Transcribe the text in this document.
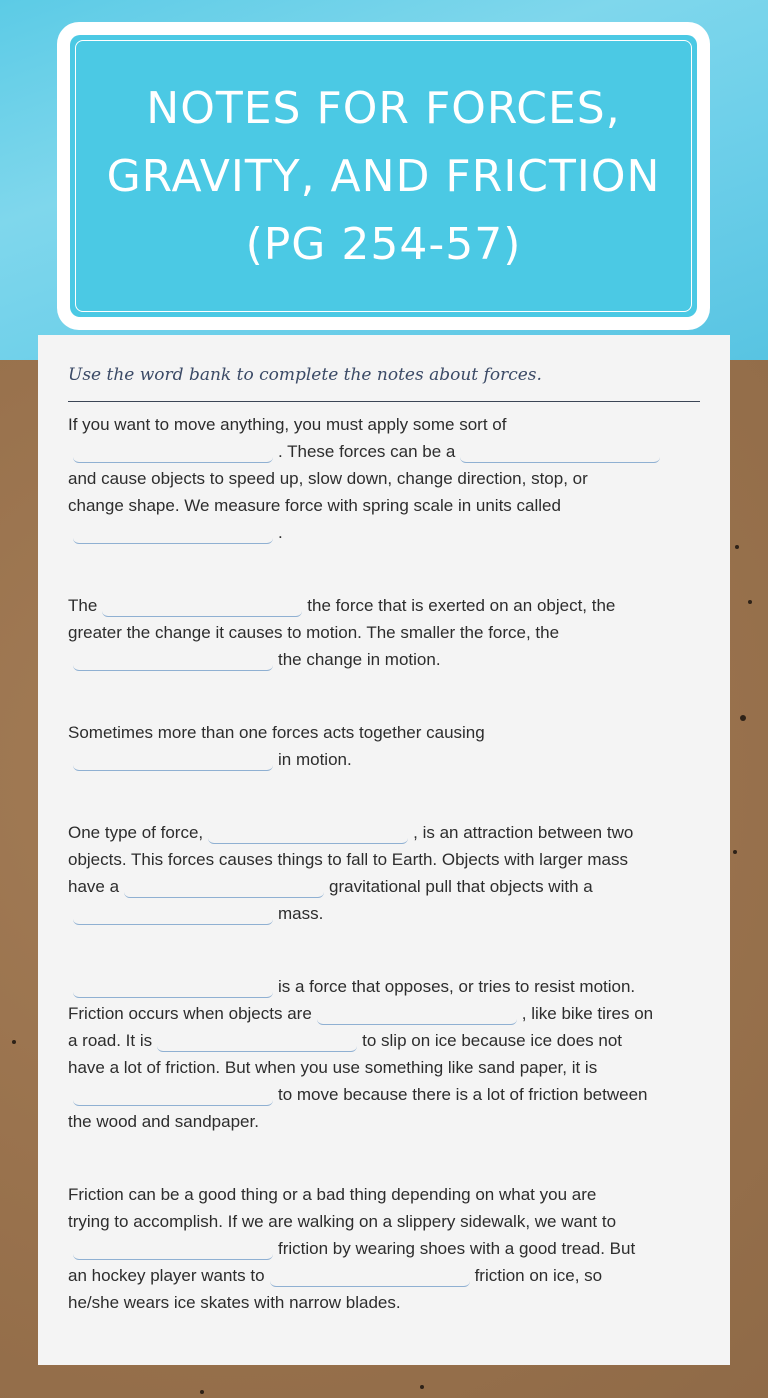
NOTES FOR FORCES,
GRAVITY, AND FRICTION
(PG 254-57)
Use the word bank to complete the notes about forces.
If you want to move anything, you must apply some sort of
. These forces can be a
and cause objects to speed up, slow down, change direction, stop, or
change shape. We measure force with spring scale in units called
.
The	the force that is exerted on an object, the
greater the change it causes to motion. The smaller the force, the
the change in motion.
Sometimes more than one forces acts together causing
in motion.
One type of force,	, is an attraction between two
objects. This forces causes things to fall to Earth. Objects with larger mass
have a	gravitational pull that objects with a
mass.
is a force that opposes, or tries to resist motion.
Friction occurs when objects are	, like bike tires on
a road. It is	to slip on ice because ice does not
have a lot of friction. But when you use something like sand paper, it is
to move because there is a lot of friction between
the wood and sandpaper.
Friction can be a good thing or a bad thing depending on what you are
trying to accomplish. If we are walking on a slippery sidewalk, we want to
friction by wearing shoes with a good tread. But
an hockey player wants to	friction on ice, so
he/she wears ice skates with narrow blades.
